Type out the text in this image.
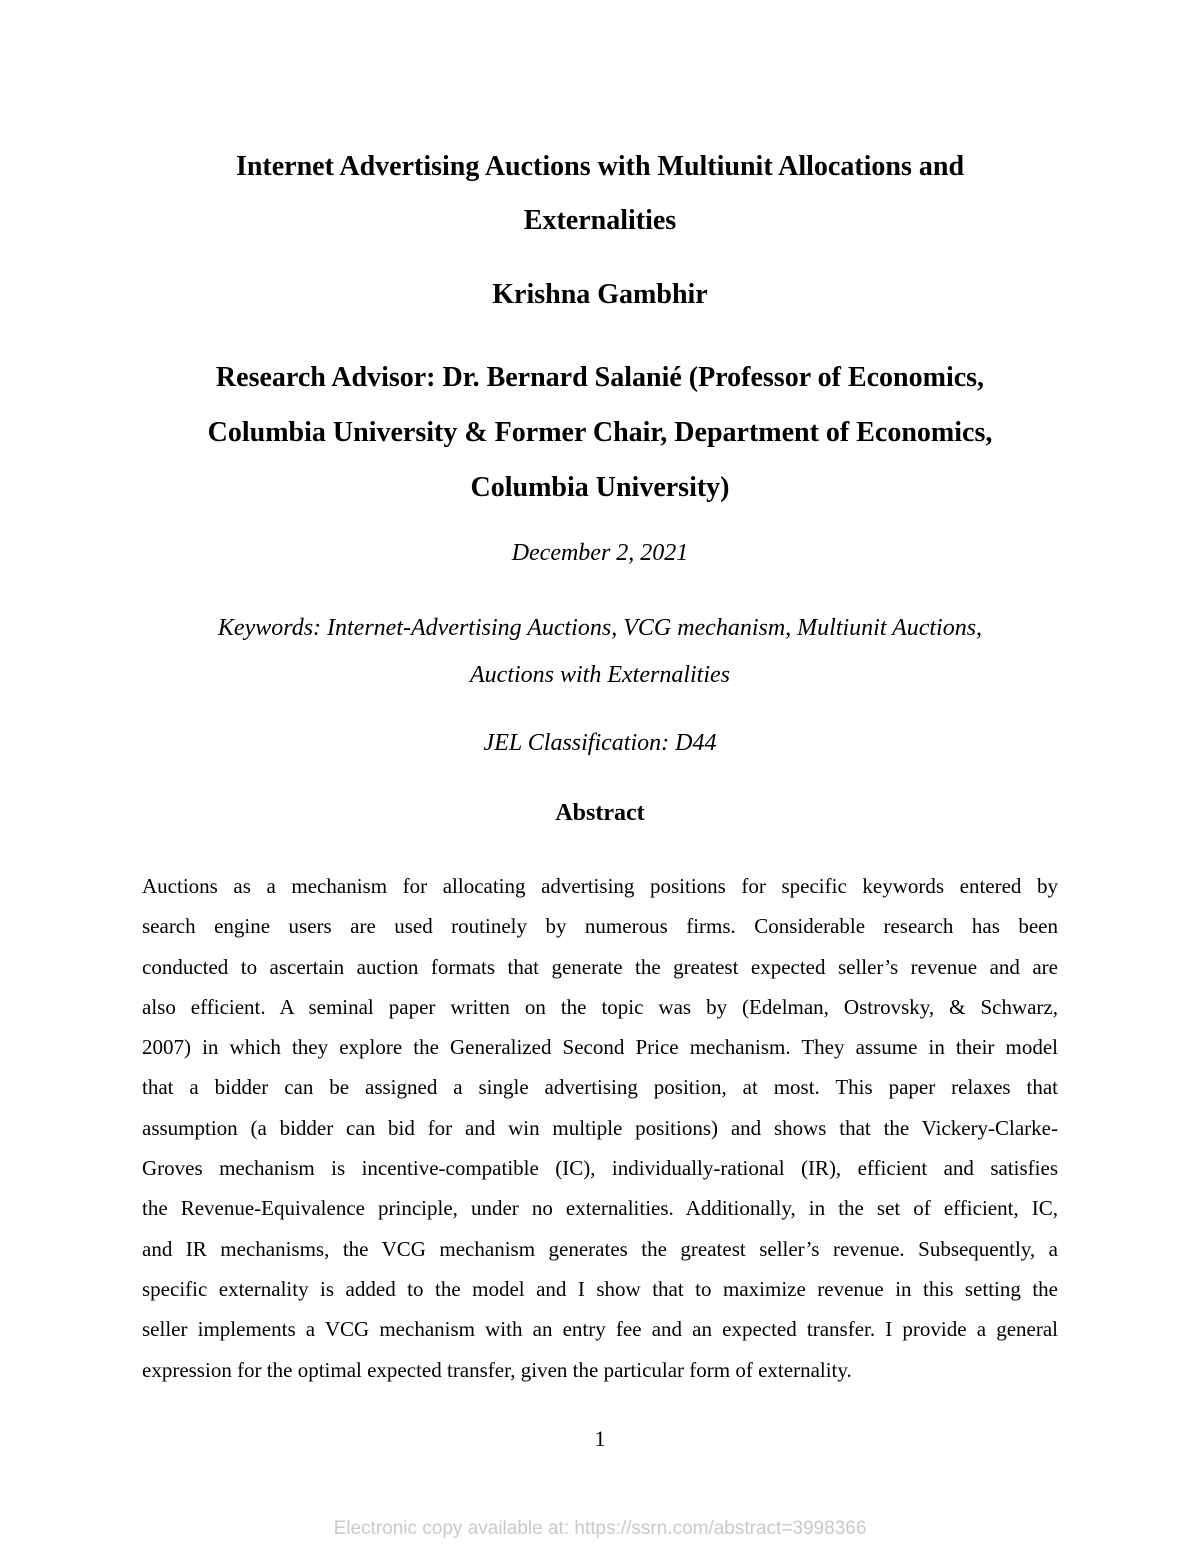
Internet Advertising Auctions with Multiunit Allocations and
Externalities
Krishna Gambhir
Research Advisor: Dr. Bernard Salanié (Professor of Economics,
Columbia University & Former Chair, Department of Economics,
Columbia University)
December 2, 2021
Keywords: Internet-Advertising Auctions, VCG mechanism, Multiunit Auctions,
Auctions with Externalities
JEL Classification: D44
Abstract
Auctions as a mechanism for allocating advertising positions for specific keywords entered by
search engine users are used routinely by numerous firms. Considerable research has been
conducted to ascertain auction formats that generate the greatest expected seller’s revenue and are
also efficient. A seminal paper written on the topic was by (Edelman, Ostrovsky, & Schwarz,
2007) in which they explore the Generalized Second Price mechanism. They assume in their model
that a bidder can be assigned a single advertising position, at most. This paper relaxes that
assumption (a bidder can bid for and win multiple positions) and shows that the Vickery-Clarke-
Groves mechanism is incentive-compatible (IC), individually-rational (IR), efficient and satisfies
the Revenue-Equivalence principle, under no externalities. Additionally, in the set of efficient, IC,
and IR mechanisms, the VCG mechanism generates the greatest seller’s revenue. Subsequently, a
specific externality is added to the model and I show that to maximize revenue in this setting the
seller implements a VCG mechanism with an entry fee and an expected transfer. I provide a general
expression for the optimal expected transfer, given the particular form of externality.
1
Electronic copy available at: https://ssrn.com/abstract=3998366
